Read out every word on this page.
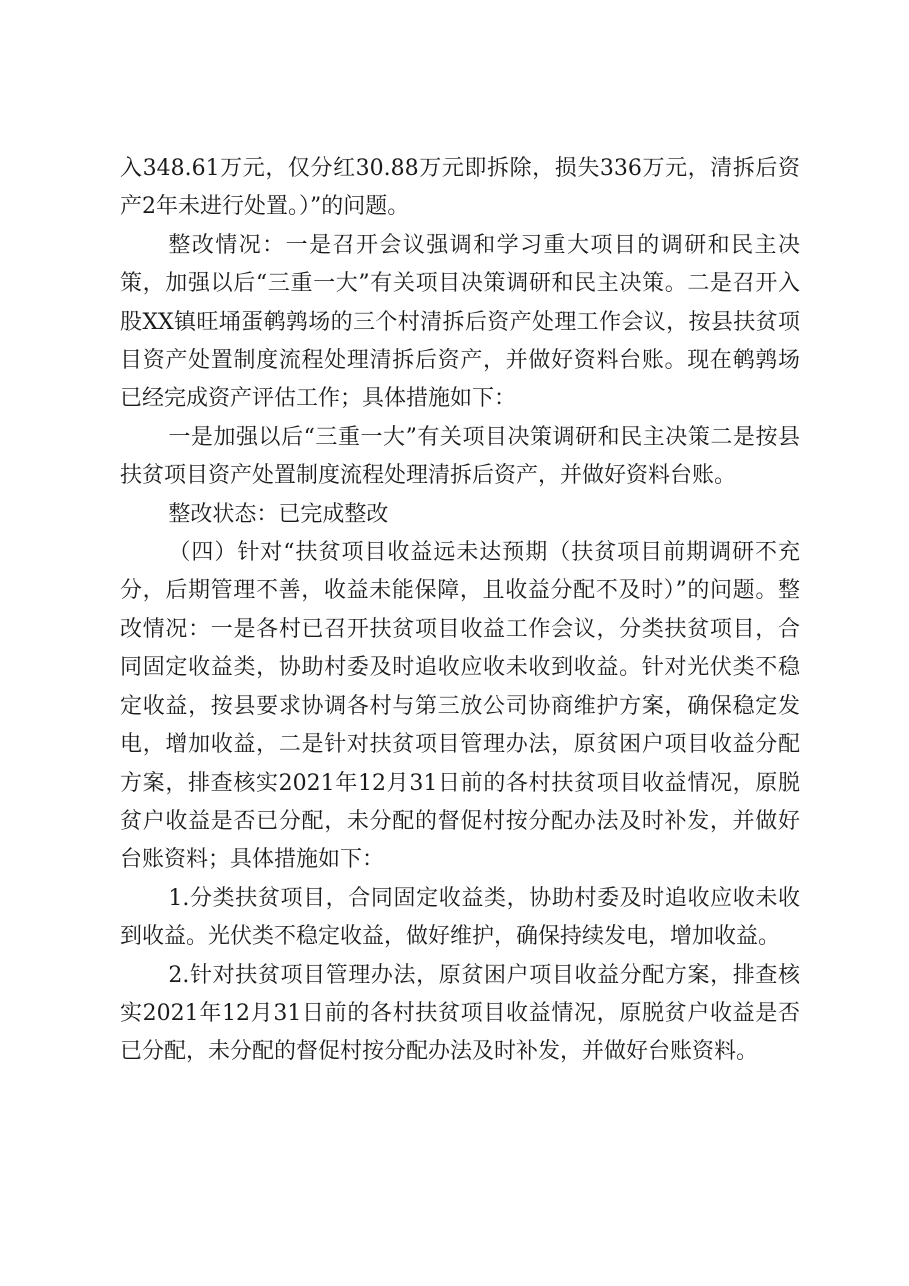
入348.61万元，仅分红30.88万元即拆除，损失336万元，清拆后资产2年未进行处置。）”的问题。

整改情况：一是召开会议强调和学习重大项目的调研和民主决策，加强以后“三重一大”有关项目决策调研和民主决策。二是召开入股XX镇旺埇蛋鹌鹑场的三个村清拆后资产处理工作会议，按县扶贫项目资产处置制度流程处理清拆后资产，并做好资料台账。现在鹌鹑场已经完成资产评估工作；具体措施如下：

一是加强以后“三重一大”有关项目决策调研和民主决策二是按县扶贫项目资产处置制度流程处理清拆后资产，并做好资料台账。

整改状态：已完成整改

（四）针对“扶贫项目收益远未达预期（扶贫项目前期调研不充分，后期管理不善，收益未能保障，且收益分配不及时）”的问题。整改情况：一是各村已召开扶贫项目收益工作会议，分类扶贫项目，合同固定收益类，协助村委及时追收应收未收到收益。针对光伏类不稳定收益，按县要求协调各村与第三放公司协商维护方案，确保稳定发电，增加收益，二是针对扶贫项目管理办法，原贫困户项目收益分配方案，排查核实2021年12月31日前的各村扶贫项目收益情况，原脱贫户收益是否已分配，未分配的督促村按分配办法及时补发，并做好台账资料；具体措施如下：

1.分类扶贫项目，合同固定收益类，协助村委及时追收应收未收到收益。光伏类不稳定收益，做好维护，确保持续发电，增加收益。

2.针对扶贫项目管理办法，原贫困户项目收益分配方案，排查核实2021年12月31日前的各村扶贫项目收益情况，原脱贫户收益是否已分配，未分配的督促村按分配办法及时补发，并做好台账资料。
